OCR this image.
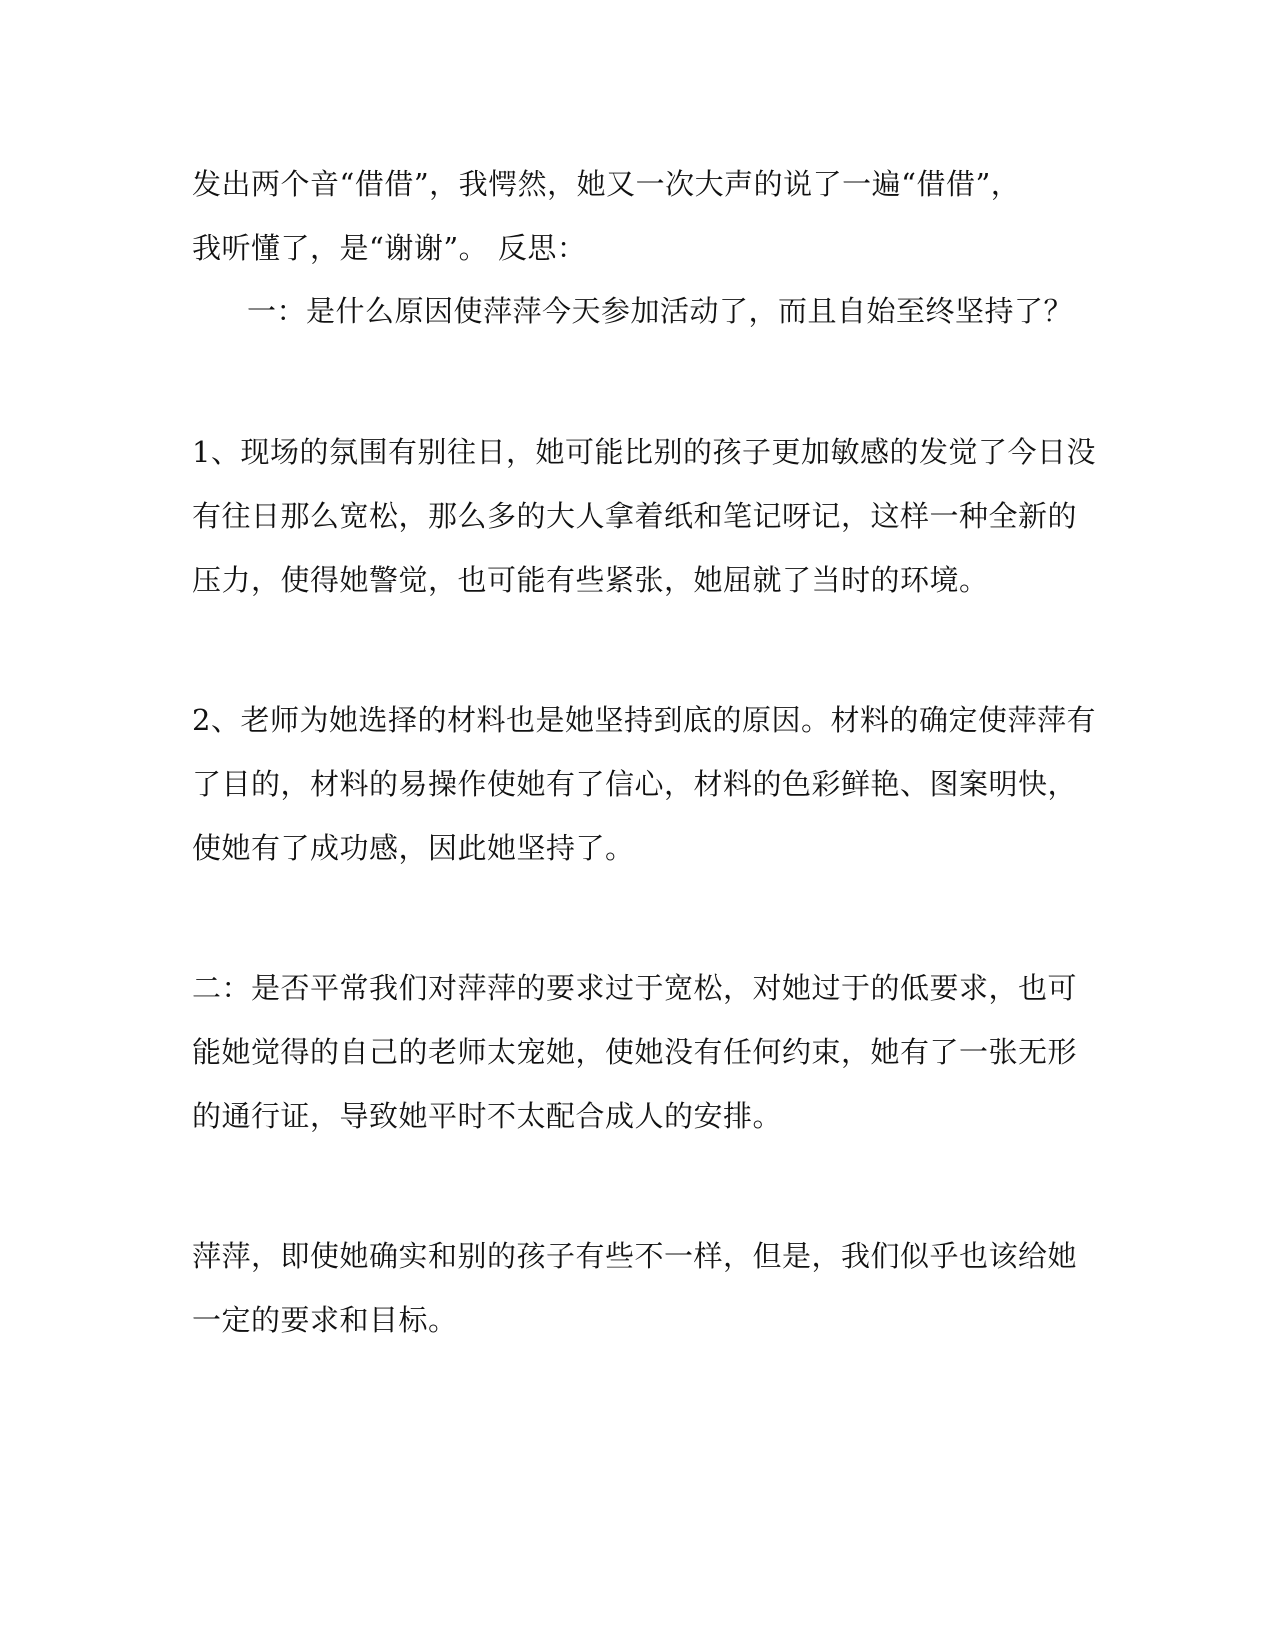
发出两个音“借借”，我愕然，她又一次大声的说了一遍“借借”，
我听懂了，是“谢谢”。 反思：
一：是什么原因使萍萍今天参加活动了，而且自始至终坚持了？
1、现场的氛围有别往日，她可能比别的孩子更加敏感的发觉了今日没
有往日那么宽松，那么多的大人拿着纸和笔记呀记，这样一种全新的
压力，使得她警觉，也可能有些紧张，她屈就了当时的环境。
2、老师为她选择的材料也是她坚持到底的原因。材料的确定使萍萍有
了目的，材料的易操作使她有了信心，材料的色彩鲜艳、图案明快，
使她有了成功感，因此她坚持了。
二：是否平常我们对萍萍的要求过于宽松，对她过于的低要求，也可
能她觉得的自己的老师太宠她，使她没有任何约束，她有了一张无形
的通行证，导致她平时不太配合成人的安排。
萍萍，即使她确实和别的孩子有些不一样，但是，我们似乎也该给她
一定的要求和目标。
